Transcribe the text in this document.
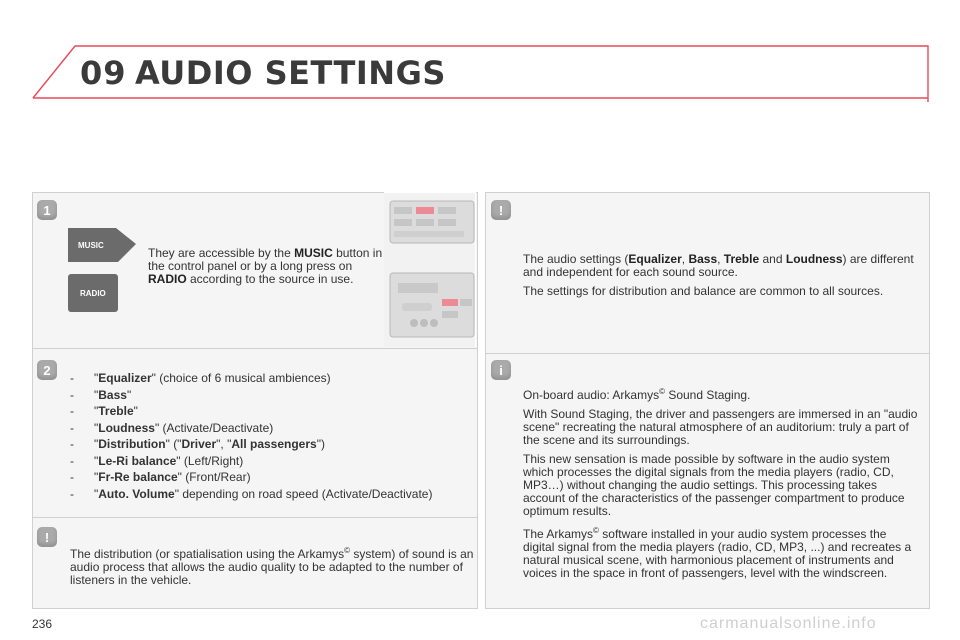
09 AUDIO SETTINGS
1
MUSIC
RADIO
They are accessible by the MUSIC button in the control panel or by a long press on RADIO according to the source in use.
2
-	"Equalizer" (choice of 6 musical ambiences)
-	"Bass"
-	"Treble"
-	"Loudness" (Activate/Deactivate)
-	"Distribution" ("Driver", "All passengers")
-	"Le-Ri balance" (Left/Right)
-	"Fr-Re balance" (Front/Rear)
-	"Auto. Volume" depending on road speed (Activate/Deactivate)
!
The distribution (or spatialisation using the Arkamys© system) of sound is an audio process that allows the audio quality to be adapted to the number of listeners in the vehicle.
!

The audio settings (Equalizer, Bass, Treble and Loudness) are different and independent for each sound source.

The settings for distribution and balance are common to all sources.

i

On-board audio: Arkamys© Sound Staging.

With Sound Staging, the driver and passengers are immersed in an "audio scene" recreating the natural atmosphere of an auditorium: truly a part of the scene and its surroundings.

This new sensation is made possible by software in the audio system which processes the digital signals from the media players (radio, CD, MP3…) without changing the audio settings. This processing takes account of the characteristics of the passenger compartment to produce optimum results.

The Arkamys© software installed in your audio system processes the digital signal from the media players (radio, CD, MP3, ...) and recreates a natural musical scene, with harmonious placement of instruments and voices in the space in front of passengers, level with the windscreen.

236	carmanualsonline.info
